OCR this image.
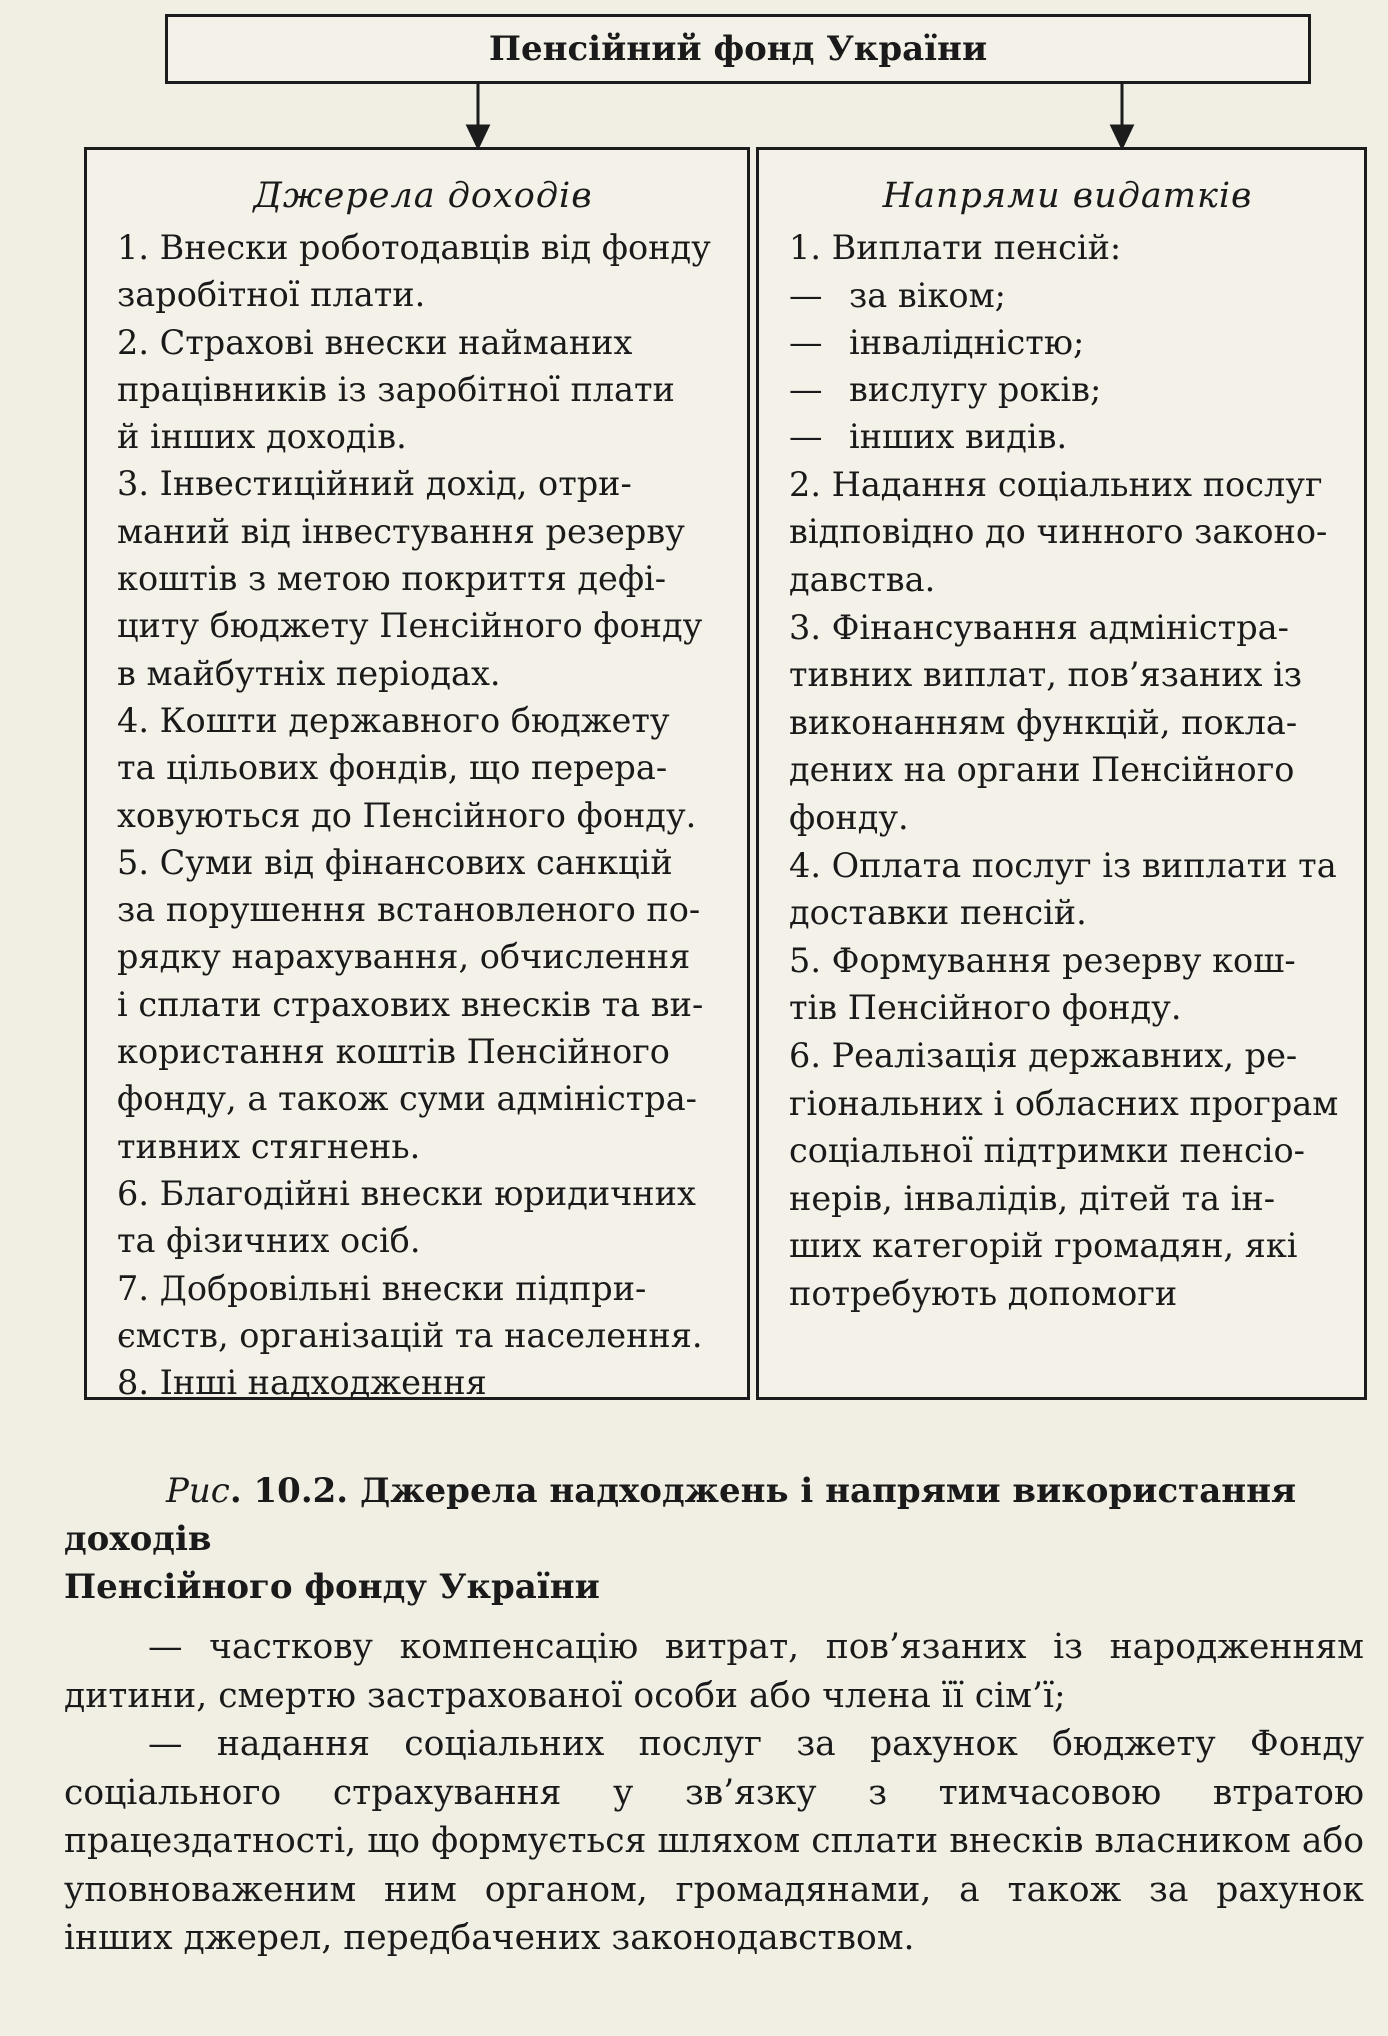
Пенсійний фонд України
Джерела доходів
1. Внески роботодавців від фонду
заробітної плати.
2. Страхові внески найманих
працівників із заробітної плати
й інших доходів.
3. Інвестиційний дохід, отри-
маний від інвестування резерву
коштів з метою покриття дефі-
циту бюджету Пенсійного фонду
в майбутніх періодах.
4. Кошти державного бюджету
та цільових фондів, що перера-
ховуються до Пенсійного фонду.
5. Суми від фінансових санкцій
за порушення встановленого по-
рядку нарахування, обчислення
і сплати страхових внесків та ви-
користання коштів Пенсійного
фонду, а також суми адміністра-
тивних стягнень.
6. Благодійні внески юридичних
та фізичних осіб.
7. Добровільні внески підпри-
ємств, організацій та населення.
8. Інші надходження
Напрями видатків
1. Виплати пенсій:
— за віком;
— інвалідністю;
— вислугу років;
— інших видів.
2. Надання соціальних послуг
відповідно до чинного законо-
давства.
3. Фінансування адміністра-
тивних виплат, пов’язаних із
виконанням функцій, покла-
дених на органи Пенсійного
фонду.
4. Оплата послуг із виплати та
доставки пенсій.
5. Формування резерву кош-
тів Пенсійного фонду.
6. Реалізація державних, ре-
гіональних і обласних програм
соціальної підтримки пенсіо-
нерів, інвалідів, дітей та ін-
ших категорій громадян, які
потребують допомоги
Рис. 10.2. Джерела надходжень і напрями використання доходів
Пенсійного фонду України

— часткову компенсацію витрат, пов’язаних із народженням дитини, смертю застрахованої особи або члена її сім’ї;

— надання соціальних послуг за рахунок бюджету Фонду соціального страхування у зв’язку з тимчасовою втратою працездатності, що формується шляхом сплати внесків власником або уповноваженим ним органом, громадянами, а також за рахунок інших джерел, передбачених законодавством.
